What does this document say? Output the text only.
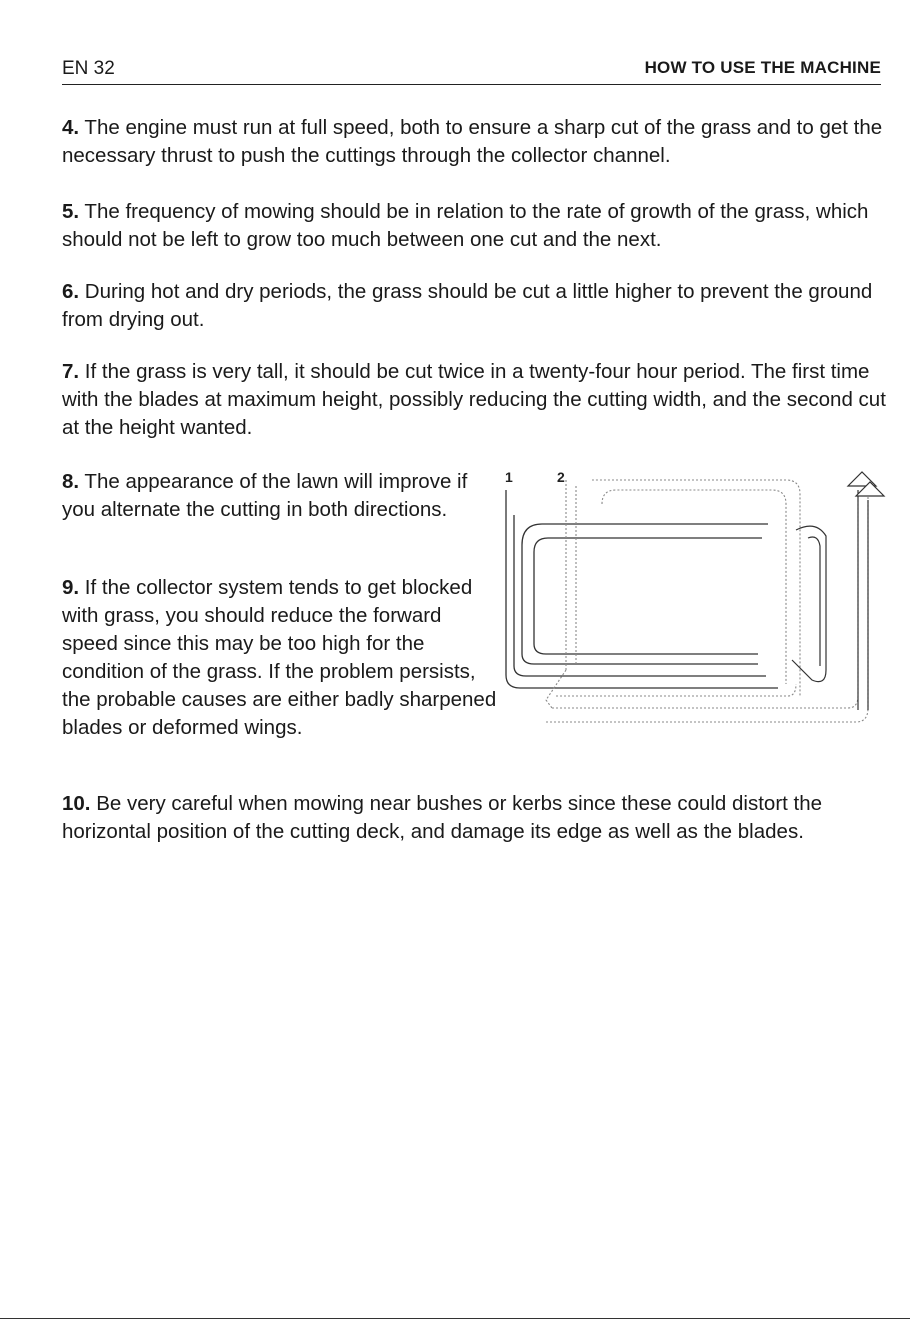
EN 32	HOW TO USE THE MACHINE

4. The engine must run at full speed, both to ensure a sharp cut of the grass and to get the necessary thrust to push the cuttings through the collector channel.

5. The frequency of mowing should be in relation to the rate of growth of the grass, which should not be left to grow too much between one cut and the next.

6. During hot and dry periods, the grass should be cut a little higher to prevent the ground from drying out.

7. If the grass is very tall, it should be cut twice in a twenty-four hour period. The first time with the blades at maximum height, possibly reducing the cutting width, and the second cut at the height wanted.

8. The appearance of the lawn will improve if you alternate the cutting in both directions.

9. If the collector system tends to get blocked with grass, you should reduce the forward speed since this may be too high for the condition of the grass. If the problem persists, the probable causes are either badly sharpened blades or deformed wings.

10. Be very careful when mowing near bushes or kerbs since these could distort the horizontal position of the cutting deck, and damage its edge as well as the blades.

1	2
